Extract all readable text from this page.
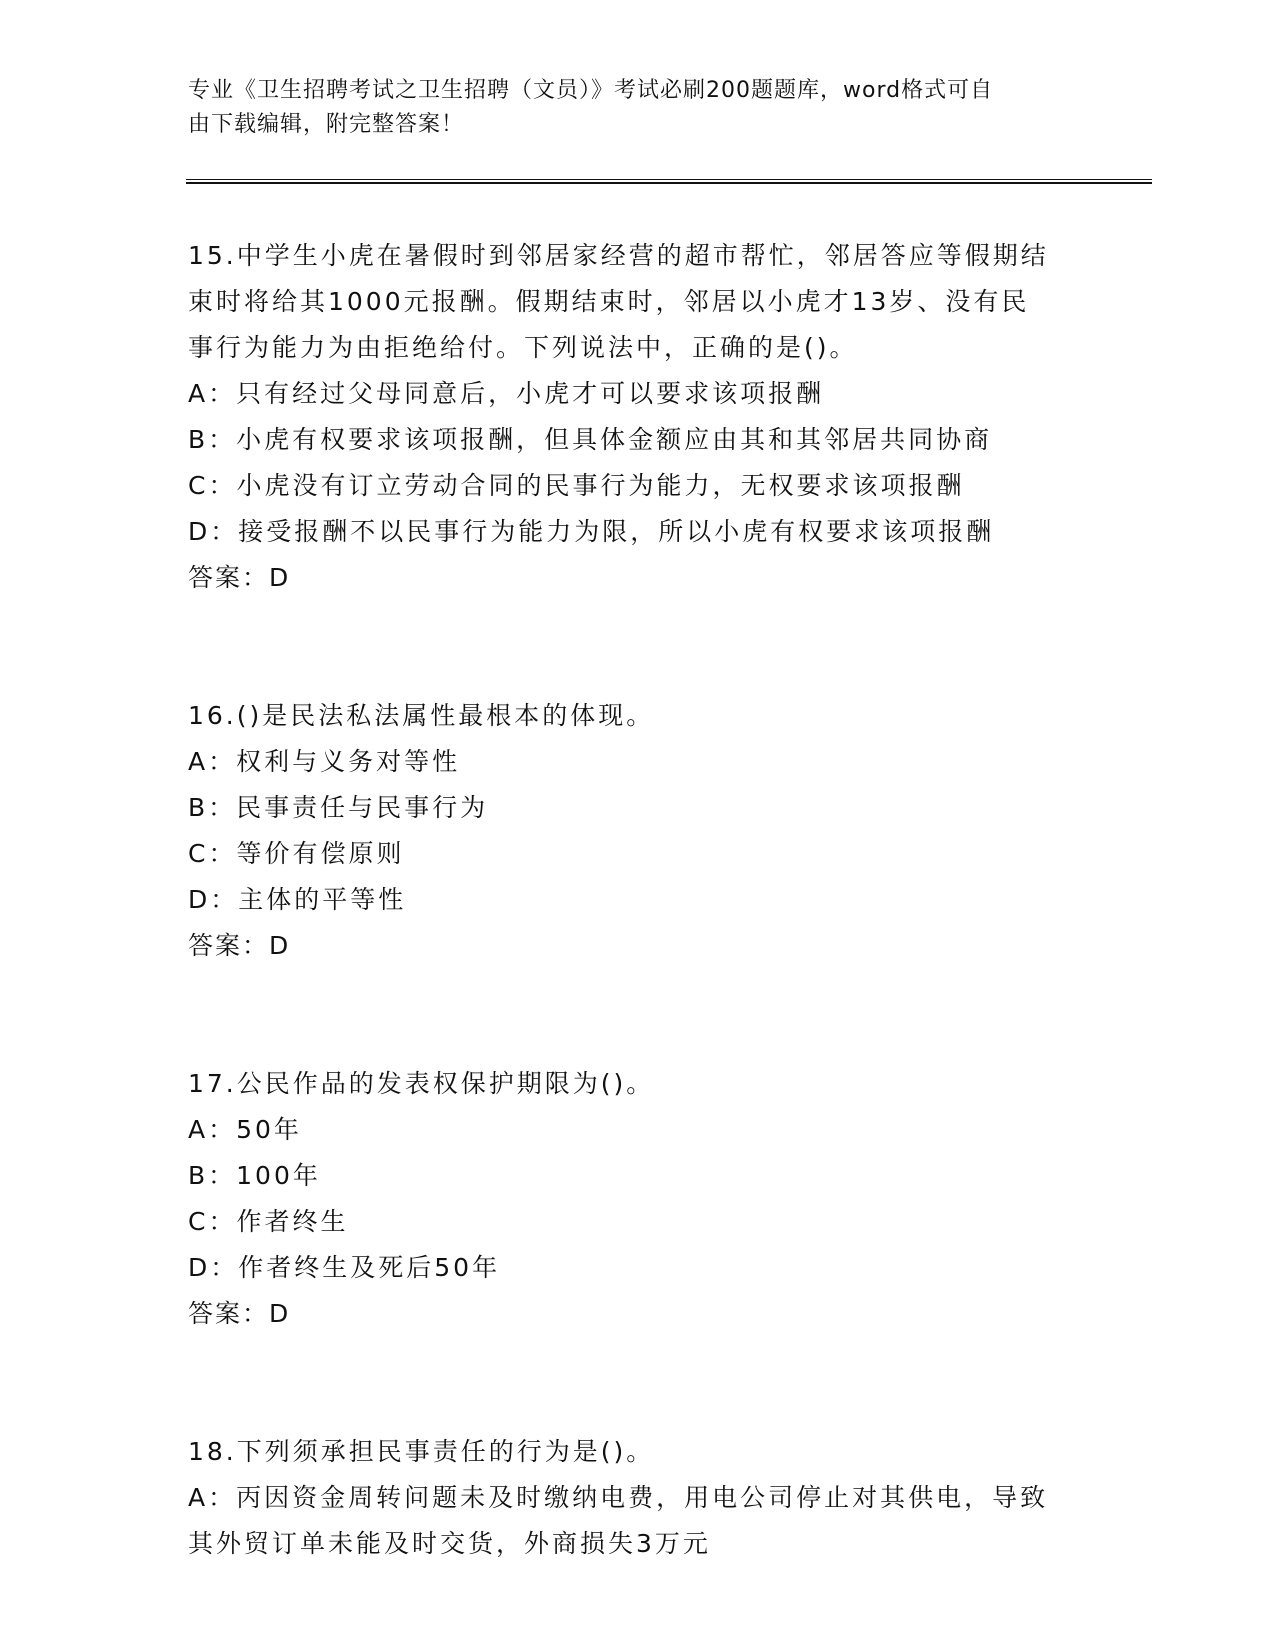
专业《卫生招聘考试之卫生招聘（文员）》考试必刷200题题库，word格式可自
由下载编辑，附完整答案！
15.中学生小虎在暑假时到邻居家经营的超市帮忙，邻居答应等假期结
束时将给其1000元报酬。假期结束时，邻居以小虎才13岁、没有民
事行为能力为由拒绝给付。下列说法中，正确的是()。
A：只有经过父母同意后，小虎才可以要求该项报酬
B：小虎有权要求该项报酬，但具体金额应由其和其邻居共同协商
C：小虎没有订立劳动合同的民事行为能力，无权要求该项报酬
D：接受报酬不以民事行为能力为限，所以小虎有权要求该项报酬
答案：D
16.()是民法私法属性最根本的体现。
A：权利与义务对等性
B：民事责任与民事行为
C：等价有偿原则
D：主体的平等性
答案：D
17.公民作品的发表权保护期限为()。
A：50年
B：100年
C：作者终生
D：作者终生及死后50年
答案：D
18.下列须承担民事责任的行为是()。
A：丙因资金周转问题未及时缴纳电费，用电公司停止对其供电，导致
其外贸订单未能及时交货，外商损失3万元
